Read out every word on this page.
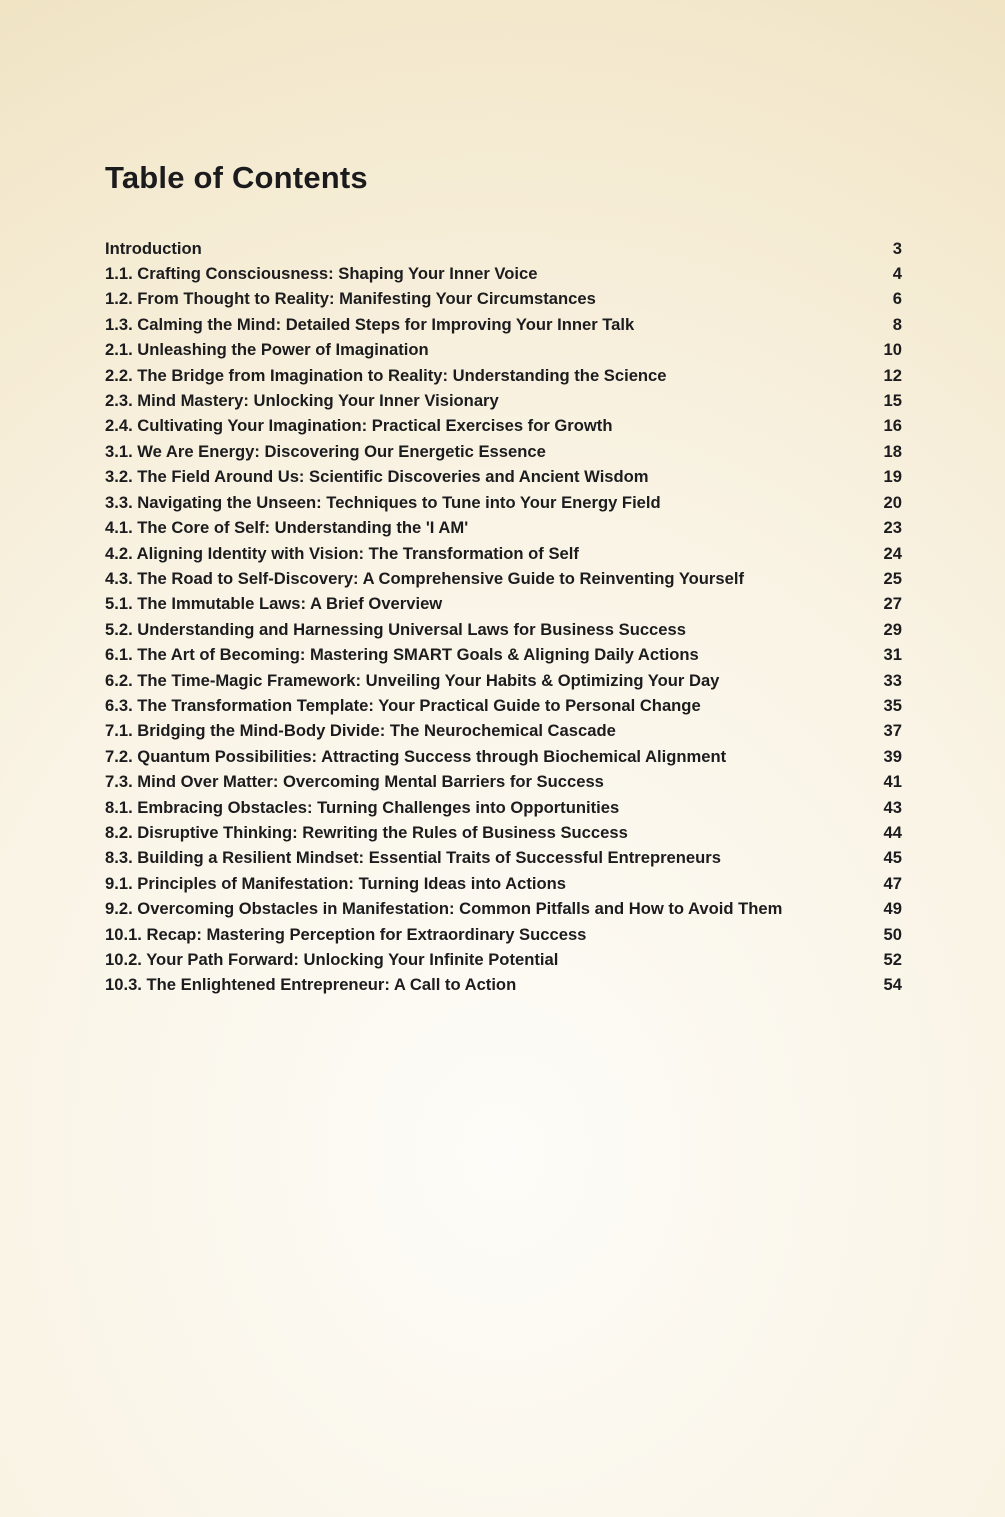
Table of Contents
Introduction	3
1.1. Crafting Consciousness: Shaping Your Inner Voice	4
1.2. From Thought to Reality: Manifesting Your Circumstances	6
1.3. Calming the Mind: Detailed Steps for Improving Your Inner Talk	8
2.1. Unleashing the Power of Imagination	10
2.2. The Bridge from Imagination to Reality: Understanding the Science	12
2.3. Mind Mastery: Unlocking Your Inner Visionary	15
2.4. Cultivating Your Imagination: Practical Exercises for Growth	16
3.1. We Are Energy: Discovering Our Energetic Essence	18
3.2. The Field Around Us: Scientific Discoveries and Ancient Wisdom	19
3.3. Navigating the Unseen: Techniques to Tune into Your Energy Field	20
4.1. The Core of Self: Understanding the 'I AM'	23
4.2. Aligning Identity with Vision: The Transformation of Self	24
4.3. The Road to Self-Discovery: A Comprehensive Guide to Reinventing Yourself	25
5.1. The Immutable Laws: A Brief Overview	27
5.2. Understanding and Harnessing Universal Laws for Business Success	29
6.1. The Art of Becoming: Mastering SMART Goals & Aligning Daily Actions	31
6.2. The Time-Magic Framework: Unveiling Your Habits & Optimizing Your Day	33
6.3. The Transformation Template: Your Practical Guide to Personal Change	35
7.1. Bridging the Mind-Body Divide: The Neurochemical Cascade	37
7.2. Quantum Possibilities: Attracting Success through Biochemical Alignment	39
7.3. Mind Over Matter: Overcoming Mental Barriers for Success	41
8.1. Embracing Obstacles: Turning Challenges into Opportunities	43
8.2. Disruptive Thinking: Rewriting the Rules of Business Success	44
8.3. Building a Resilient Mindset: Essential Traits of Successful Entrepreneurs	45
9.1. Principles of Manifestation: Turning Ideas into Actions	47
9.2. Overcoming Obstacles in Manifestation: Common Pitfalls and How to Avoid Them	49
10.1. Recap: Mastering Perception for Extraordinary Success	50
10.2. Your Path Forward: Unlocking Your Infinite Potential	52
10.3. The Enlightened Entrepreneur: A Call to Action	54
